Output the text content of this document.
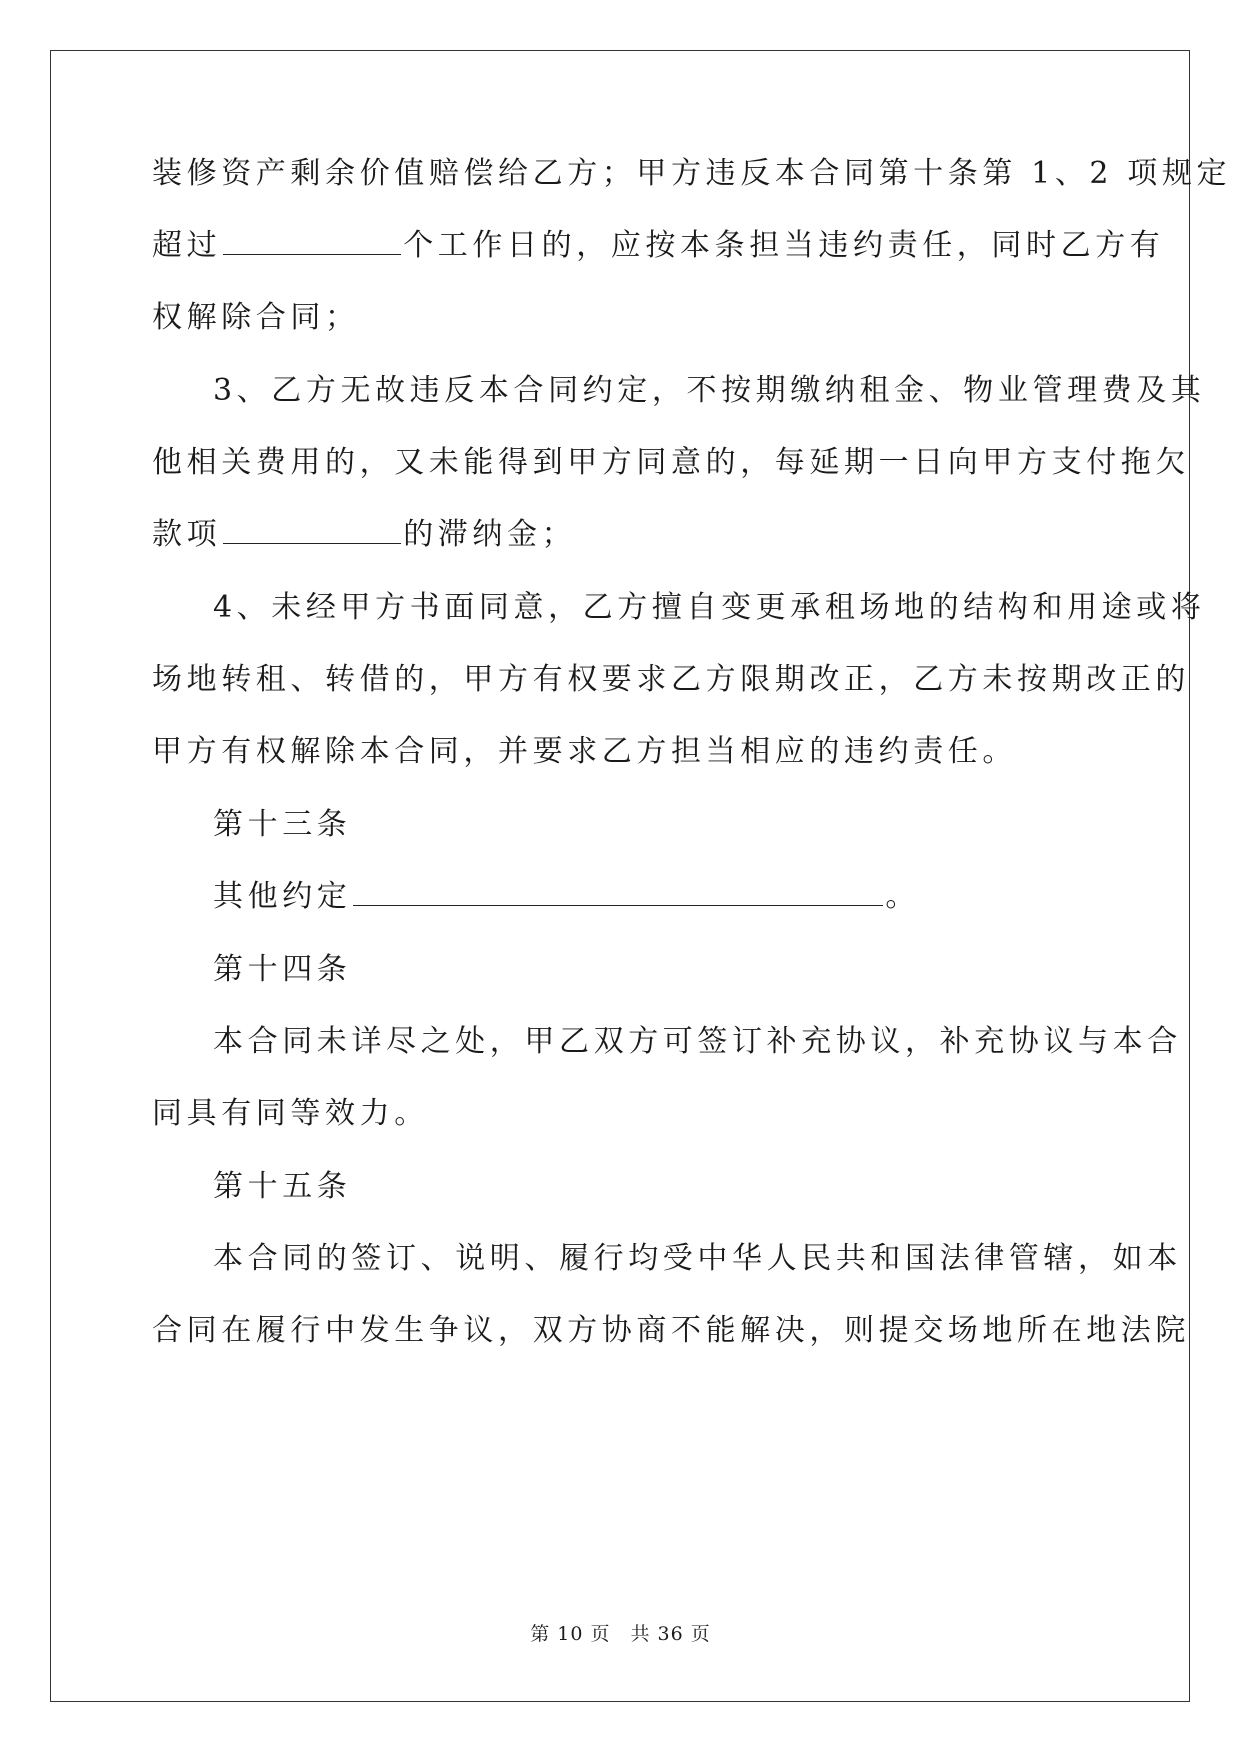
装修资产剩余价值赔偿给乙方；甲方违反本合同第十条第 1、2 项规定
超过	个工作日的，应按本条担当违约责任，同时乙方有
权解除合同；
3、乙方无故违反本合同约定，不按期缴纳租金、物业管理费及其
他相关费用的，又未能得到甲方同意的，每延期一日向甲方支付拖欠
款项	的滞纳金；
4、未经甲方书面同意，乙方擅自变更承租场地的结构和用途或将
场地转租、转借的，甲方有权要求乙方限期改正，乙方未按期改正的
甲方有权解除本合同，并要求乙方担当相应的违约责任。
第十三条
其他约定	。
第十四条
本合同未详尽之处，甲乙双方可签订补充协议，补充协议与本合
同具有同等效力。
第十五条
本合同的签订、说明、履行均受中华人民共和国法律管辖，如本
合同在履行中发生争议，双方协商不能解决，则提交场地所在地法院
第 10 页　共 36 页
